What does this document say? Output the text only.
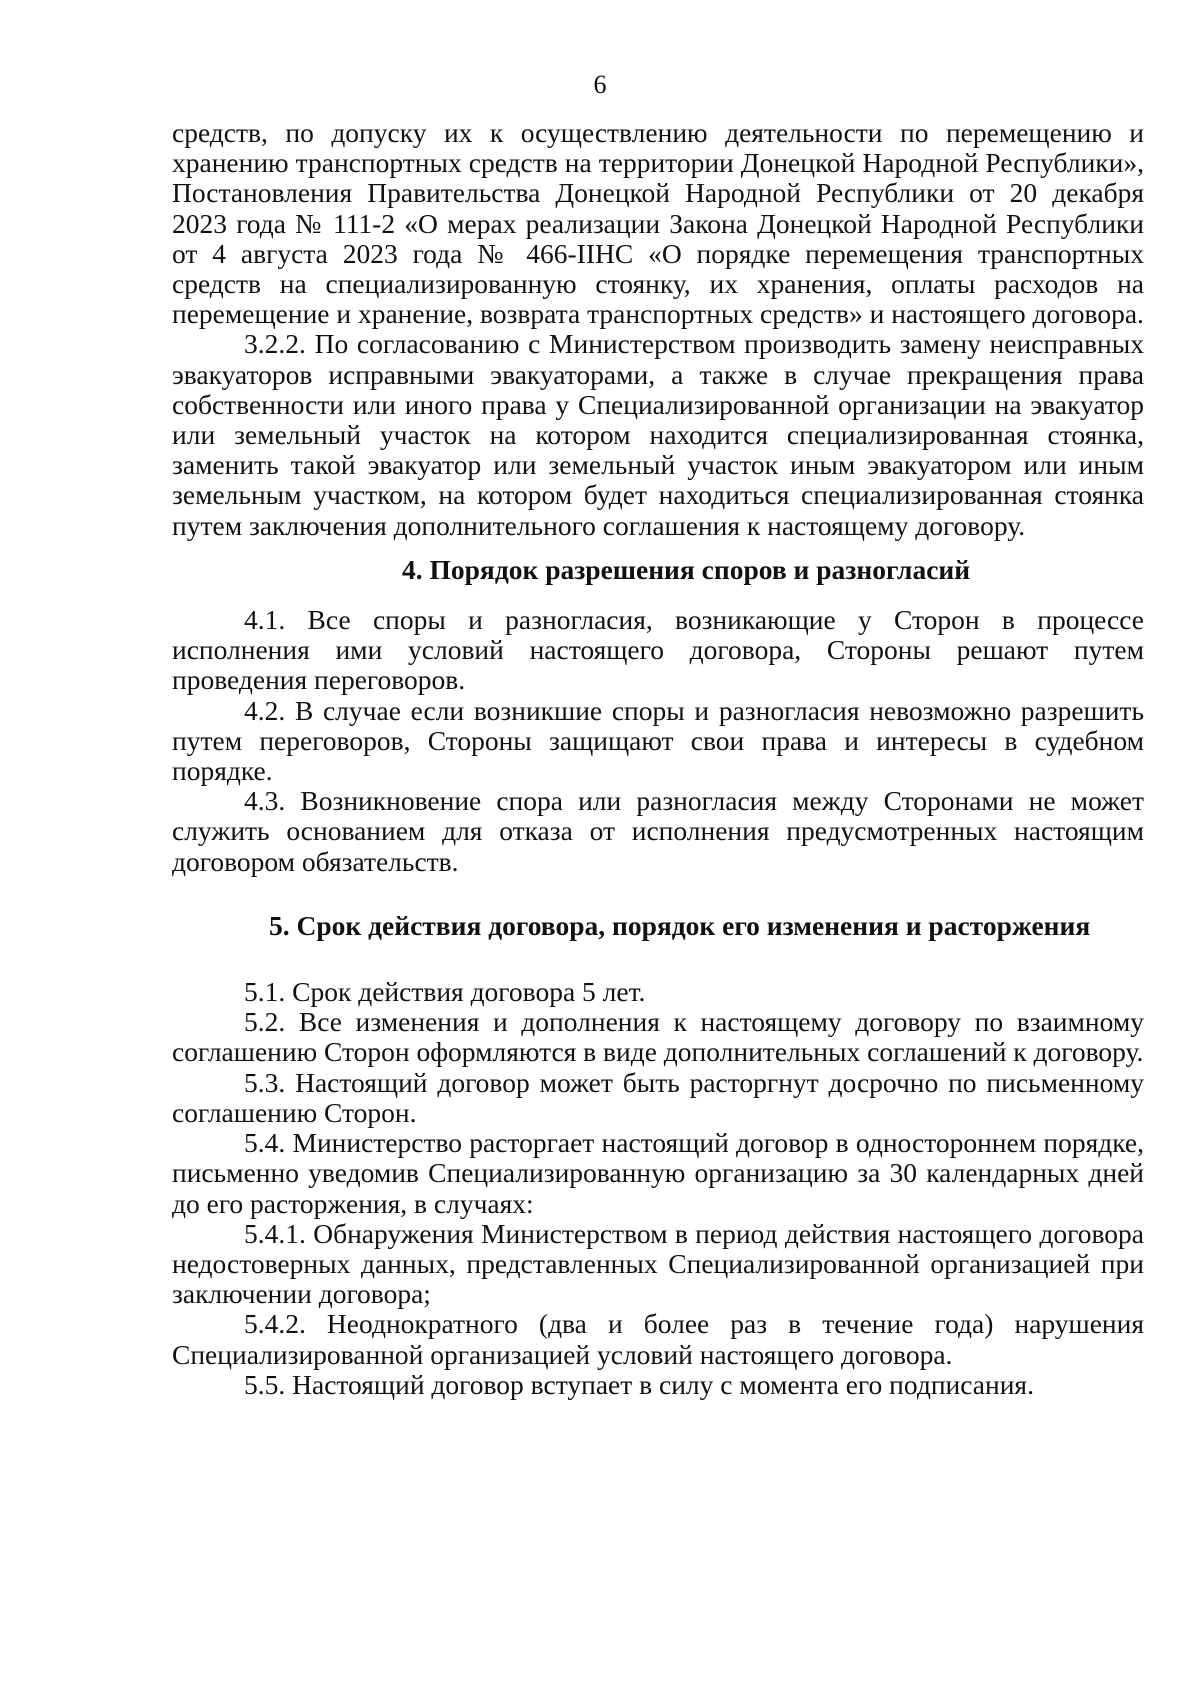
6

средств, по допуску их к осуществлению деятельности по перемещению и хранению транспортных средств на территории Донецкой Народной Республики», Постановления Правительства Донецкой Народной Республики от 20 декабря 2023 года № 111-2 «О мерах реализации Закона Донецкой Народной Республики от 4 августа 2023 года № 466-IIНС «О порядке перемещения транспортных средств на специализированную стоянку, их хранения, оплаты расходов на перемещение и хранение, возврата транспортных средств» и настоящего договора.

3.2.2. По согласованию с Министерством производить замену неисправных эвакуаторов исправными эвакуаторами, а также в случае прекращения права собственности или иного права у Специализированной организации на эвакуатор или земельный участок на котором находится специализированная стоянка, заменить такой эвакуатор или земельный участок иным эвакуатором или иным земельным участком, на котором будет находиться специализированная стоянка путем заключения дополнительного соглашения к настоящему договору.

4. Порядок разрешения споров и разногласий

4.1. Все споры и разногласия, возникающие у Сторон в процессе исполнения ими условий настоящего договора, Стороны решают путем проведения переговоров.

4.2. В случае если возникшие споры и разногласия невозможно разрешить путем переговоров, Стороны защищают свои права и интересы в судебном порядке.

4.3. Возникновение спора или разногласия между Сторонами не может служить основанием для отказа от исполнения предусмотренных настоящим договором обязательств.

5. Срок действия договора, порядок его изменения и расторжения

5.1. Срок действия договора 5 лет.

5.2. Все изменения и дополнения к настоящему договору по взаимному соглашению Сторон оформляются в виде дополнительных соглашений к договору.

5.3. Настоящий договор может быть расторгнут досрочно по письменному соглашению Сторон.

5.4. Министерство расторгает настоящий договор в одностороннем порядке, письменно уведомив Специализированную организацию за 30 календарных дней до его расторжения, в случаях:

5.4.1. Обнаружения Министерством в период действия настоящего договора недостоверных данных, представленных Специализированной организацией при заключении договора;

5.4.2. Неоднократного (два и более раз в течение года) нарушения Специализированной организацией условий настоящего договора.

5.5. Настоящий договор вступает в силу с момента его подписания.
